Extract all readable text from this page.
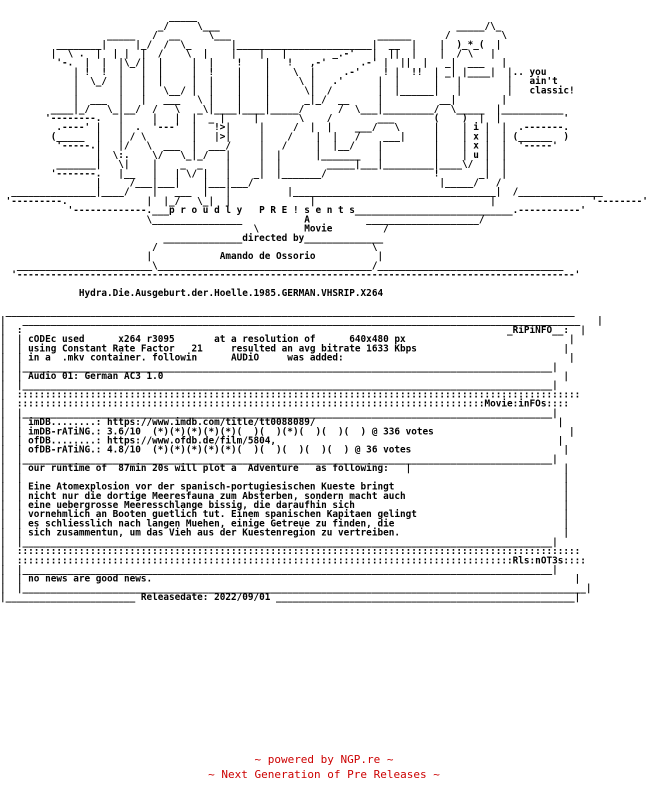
_____
_/     \___                                          _____/\_
_____   /  __     \___                          ______      /         \
________|     |_/  /  \_       |________________________|  __  |    |  )_*_(  |
|  \ .  |  | |  |  /    \  |    |    |   |        _.-'   |  ||  |    |  / \   |
'-.  |  |  |\_/|  |     |  |    !    |   !   ,-'      .-' |  ||  |   _|  ___   |
| !  !  |   |  |     |  !    |    |    \  |     .-'    ! |  !!  | _| |____|  |.. you
|  \_/  |   |  |     |  |    |    |     \ |   .'      |  |      |   |        |   ain't
|       |   |   \__/ |  |    |    |      \|  /        |  |______|   |        |   classic!
|  ___  |   |   ___   \ |    |    |      _|_/  __     |          __|        |
____|_/   \_|__/  /   \   _\|____|____|_____/      /  \___|_________/  \_____  |___________
'--------.   |     |   |  |  _ |     |       \    /        ___       (    )  |  |           '
.----' |   |  .  '---'  |   !>|     |     /  |  |    ___/   \      |    | i |  |  .-------.
(_____  |   | / \        |   |>|     |    /    |  |   /    ___|     |    | x |  | (______  )
'-----.|   |/   \  ___  |  ___/     |   /     |  |__/    |         |    | x |  |  '-----'
|  \:.    \/   \_|_/   |     |  |      |_______   |         |    | u |  |
_______|   \|    |    _  _    |     |  |        _____|___|_________|____\/  |  |
'-------.   |__   |   | \/ |   |    _|  |_______/                   !       _|  |
|     /___|___|    |___|___/                                 |_____/   /
_______________|____/    |   ___  |   |          |____________________________________|  /_______________
'---------.              |  |_/   \_|  |              |                               |                 '--------'
'-------------.___p r o u d l y   P R E ! s e n t s____________________________.-----------'
\________________           A          ____________________/
\        Movie         /
______________directed by______________
/                                      \
|            Amando de Ossorio           |
________________________\______________________________________/_________________________________
'---------------------------------------------------------------------------------------------------'

Hydra.Die.Ausgeburt.der.Hoelle.1985.GERMAN.VHSRIP.X264

_____________________________________________________________________________________________________
|   ___________________________________________________________________________________________________   |
|  :                                                                                      _RiPiNFO__:  |
|  | cODEc used      x264 r3095       at a resolution of      640x480 px                             |
|  | using Constant Rate Factor   21     resulted an avg bitrate 1633 Kbps                          |
|  | in a  .mkv container. followin      AUDiO     was added:                                        |
|  |______________________________________________________________________________________________|
|  | Audio 01: German AC3 1.0                                                                       |
|  |______________________________________________________________________________________________|
|  ::::::::::::::::::::::::::::::::::::::::::::::::::::::::::::::::::::::::::::::::::::::::::::::::::::
|  :::::::::::::::::::::::::::::::::::::::::::::::::::::::::::::::::::::::::::::::::::Movie:inFOs::::
|  |______________________________________________________________________________________________|
|  | imDB........: https://www.imdb.com/title/tt0088089/                                           |
|  | imDB-rATiNG.: 3.6/10  (*)(*)(*)(*)(*)(  )(  )(*)(  )(  )(  ) @ 336 votes                        |
|  | ofDB........: https://www.ofdb.de/film/5804,                                                  |
|  | ofDB-rATiNG.: 4.8/10  (*)(*)(*)(*)(*)(  )(  )(  )(  )(  ) @ 36 votes                           |
|  |______________________________________________________________________________________________|
|  | our runtime of  87min 20s will plot a  Adventure   as following:   |                           |
|  |                                                                                                |
|  | Eine Atomexplosion vor der spanisch-portugiesischen Kueste bringt                              |
|  | nicht nur die dortige Meeresfauna zum Absterben, sondern macht auch                            |
|  | eine uebergrosse Meeresschlange bissig, die daraufhin sich                                     |
|  | vornehmlich an Booten guetlich tut. Einem spanischen Kapitaen gelingt                          |
|  | es schliesslich nach langen Muehen, einige Getreue zu finden, die                              |
|  | sich zusammentun, um das Vieh aus der Kuestenregion zu vertreiben.                             |
|  |______________________________________________________________________________________________|
|  ::::::::::::::::::::::::::::::::::::::::::::::::::::::::::::::::::::::::::::::::::::::::::::::::::::
|  ::::::::::::::::::::::::::::::::::::::::::::::::::::::::::::::::::::::::::::::::::::::::Rls:nOT3s::::
|  |______________________________________________________________________________________________|
|  | no news are good news.                                                                           |
|  |____________________________________________________________________________________________________|
|_______________________ Releasedate: 2022/09/01 _____________________________________________________|
~ powered by NGP.re ~
~ Next Generation of Pre Releases ~
